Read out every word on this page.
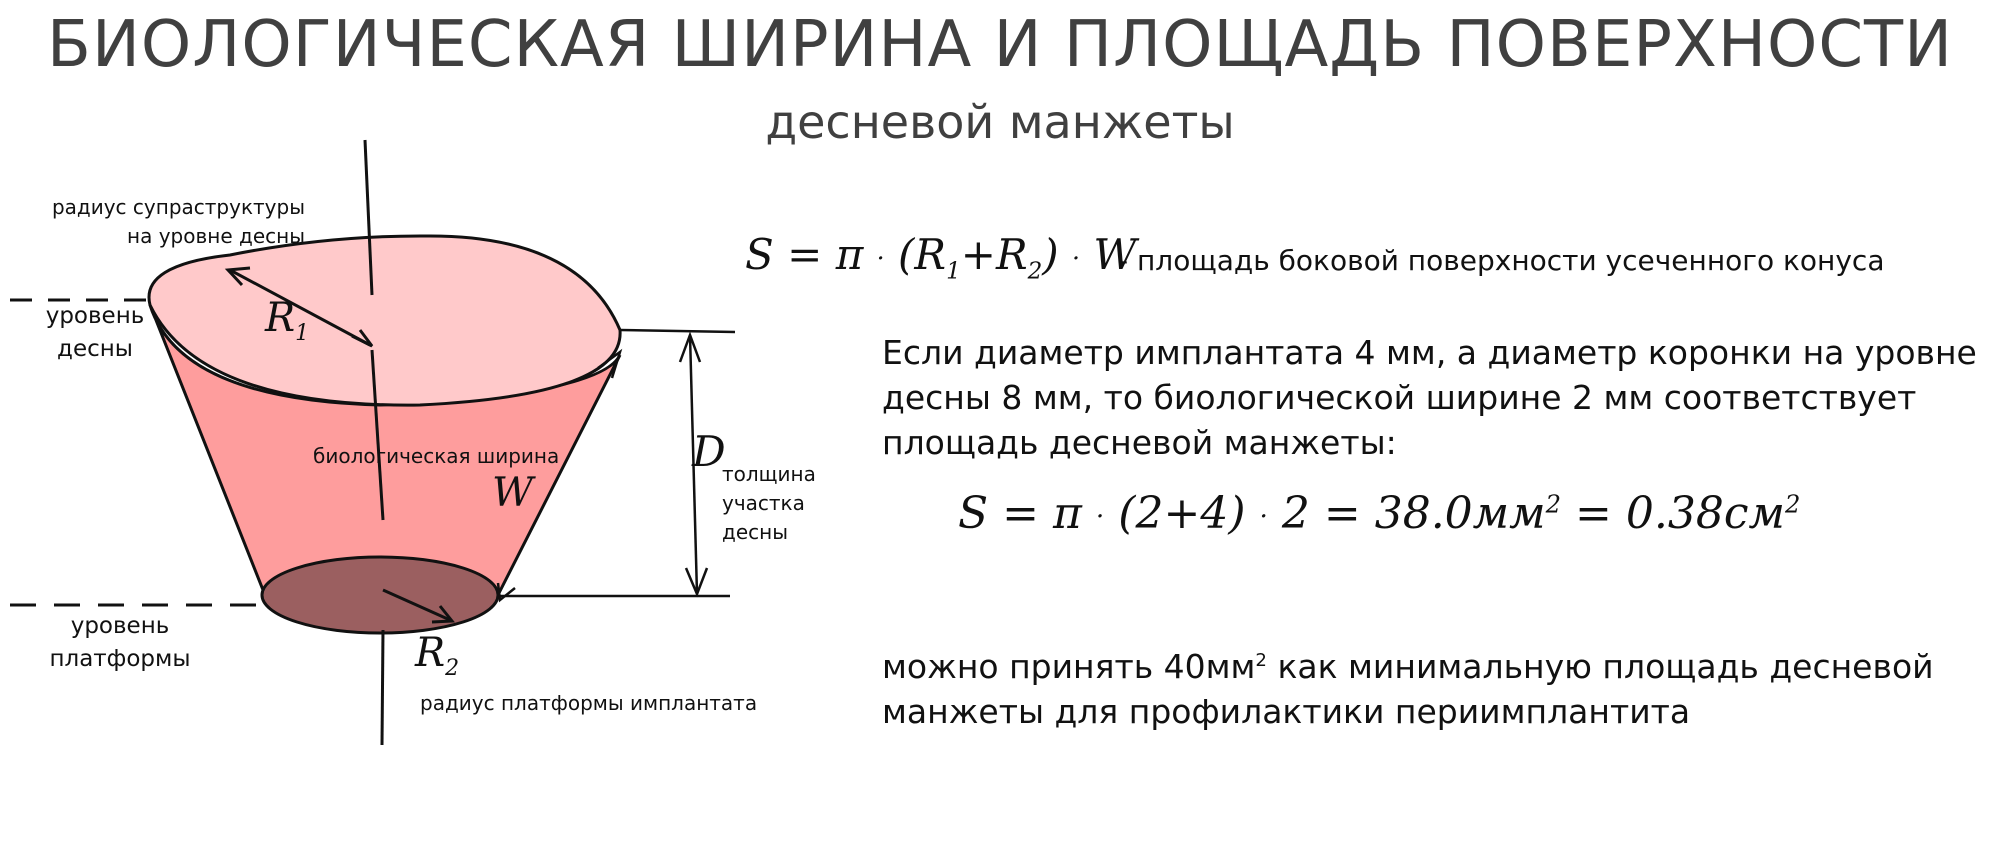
БИОЛОГИЧЕСКАЯ ШИРИНА И ПЛОЩАДЬ ПОВЕРХНОСТИ
десневой манжеты
радиус супраструктуры
на уровне десны
уровень
десны
уровень
платформы
биологическая ширина
толщина
участка
десны
радиус платформы имплантата
$R_1$
$R_2$
W
D
$S = \pi \cdot (R_1+R_2) \cdot W$
- площадь боковой поверхности усеченного конуса
Если диаметр имплантата 4 мм, а диаметр коронки на уровне
десны 8 мм, то биологической ширине 2 мм соответствует
площадь десневой манжеты:
$S = \pi \cdot (2+4) \cdot 2 = 38.0мм^2 = 0.38см^2$
можно принять $40мм^2$ как минимальную площадь десневой
манжеты для профилактики периимплантита
